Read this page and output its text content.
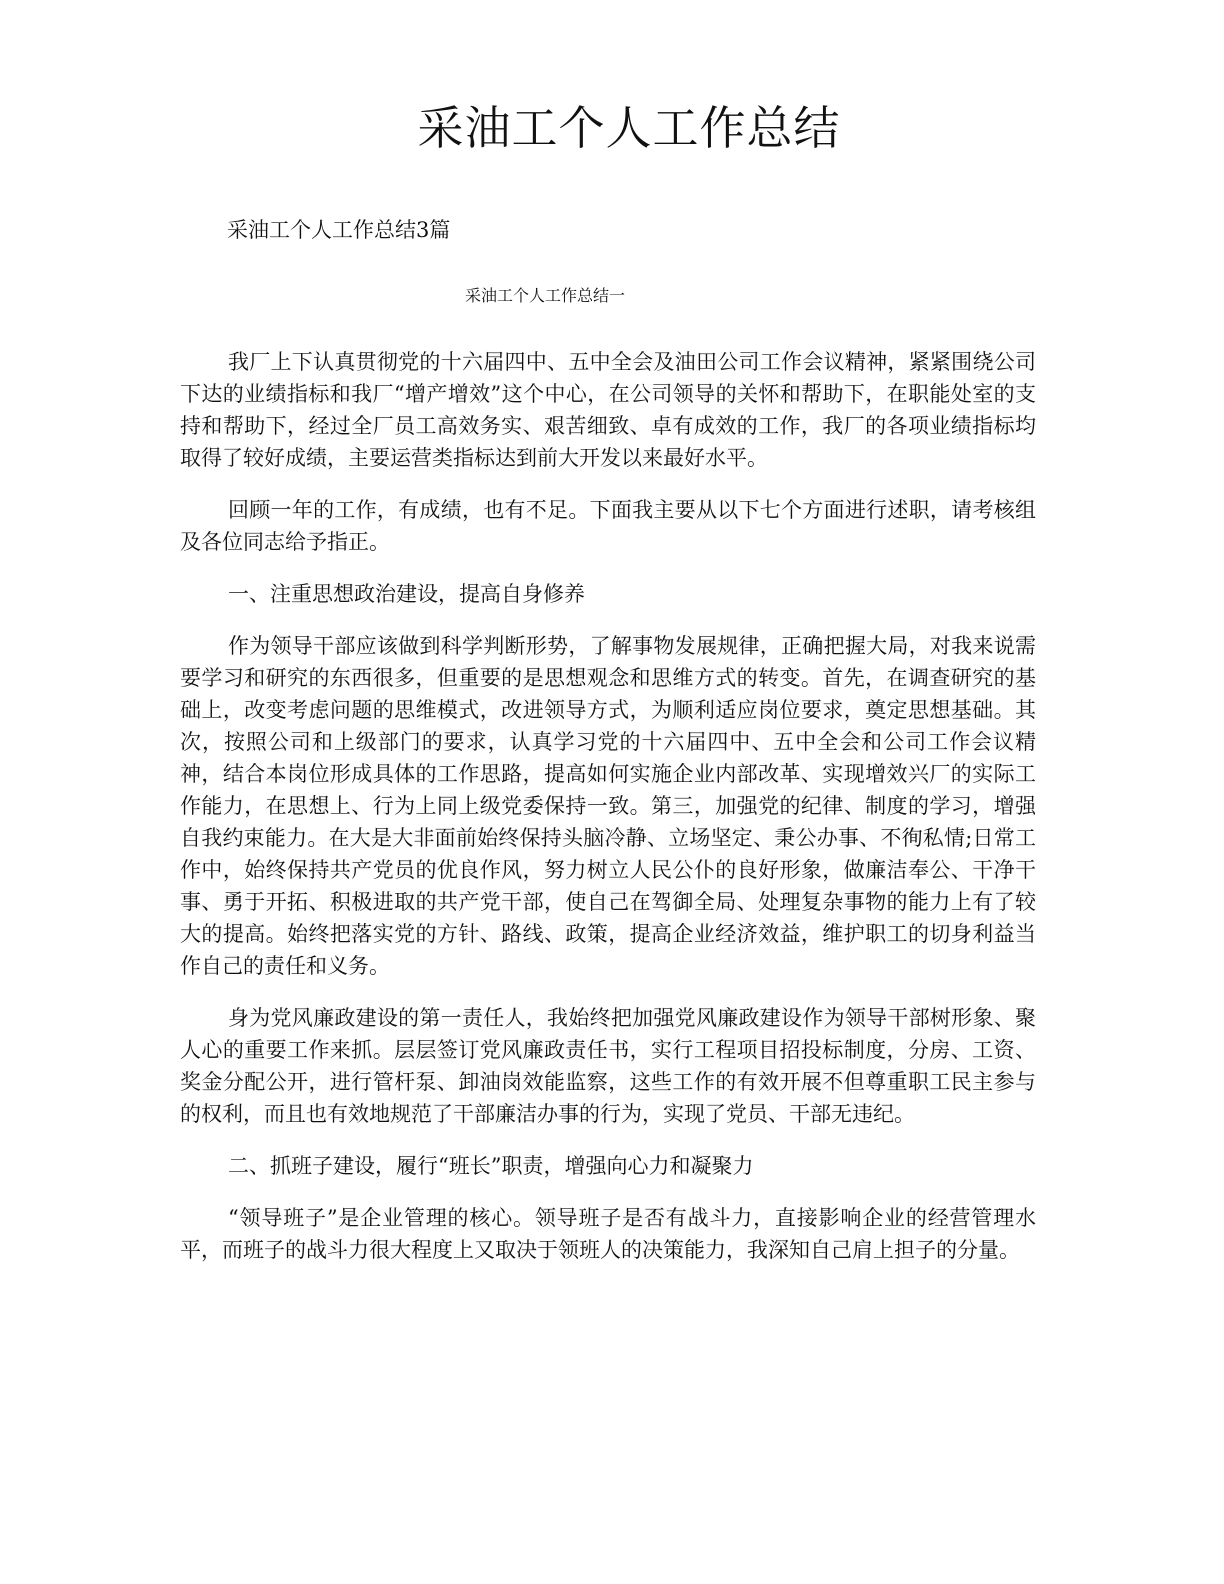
采油工个人工作总结

采油工个人工作总结3篇

采油工个人工作总结一

我厂上下认真贯彻党的十六届四中、五中全会及油田公司工作会议精神，紧紧围绕公司下达的业绩指标和我厂“增产增效”这个中心，在公司领导的关怀和帮助下，在职能处室的支持和帮助下，经过全厂员工高效务实、艰苦细致、卓有成效的工作，我厂的各项业绩指标均取得了较好成绩，主要运营类指标达到前大开发以来最好水平。

回顾一年的工作，有成绩，也有不足。下面我主要从以下七个方面进行述职，请考核组及各位同志给予指正。

一、注重思想政治建设，提高自身修养

作为领导干部应该做到科学判断形势，了解事物发展规律，正确把握大局，对我来说需要学习和研究的东西很多，但重要的是思想观念和思维方式的转变。首先，在调查研究的基础上，改变考虑问题的思维模式，改进领导方式，为顺利适应岗位要求，奠定思想基础。其次，按照公司和上级部门的要求，认真学习党的十六届四中、五中全会和公司工作会议精神，结合本岗位形成具体的工作思路，提高如何实施企业内部改革、实现增效兴厂的实际工作能力，在思想上、行为上同上级党委保持一致。第三，加强党的纪律、制度的学习，增强自我约束能力。在大是大非面前始终保持头脑冷静、立场坚定、秉公办事、不徇私情;日常工作中，始终保持共产党员的优良作风，努力树立人民公仆的良好形象，做廉洁奉公、干净干事、勇于开拓、积极进取的共产党干部，使自己在驾御全局、处理复杂事物的能力上有了较大的提高。始终把落实党的方针、路线、政策，提高企业经济效益，维护职工的切身利益当作自己的责任和义务。

身为党风廉政建设的第一责任人，我始终把加强党风廉政建设作为领导干部树形象、聚人心的重要工作来抓。层层签订党风廉政责任书，实行工程项目招投标制度，分房、工资、奖金分配公开，进行管杆泵、卸油岗效能监察，这些工作的有效开展不但尊重职工民主参与的权利，而且也有效地规范了干部廉洁办事的行为，实现了党员、干部无违纪。

二、抓班子建设，履行“班长”职责，增强向心力和凝聚力

“领导班子”是企业管理的核心。领导班子是否有战斗力，直接影响企业的经营管理水平，而班子的战斗力很大程度上又取决于领班人的决策能力，我深知自己肩上担子的分量。
